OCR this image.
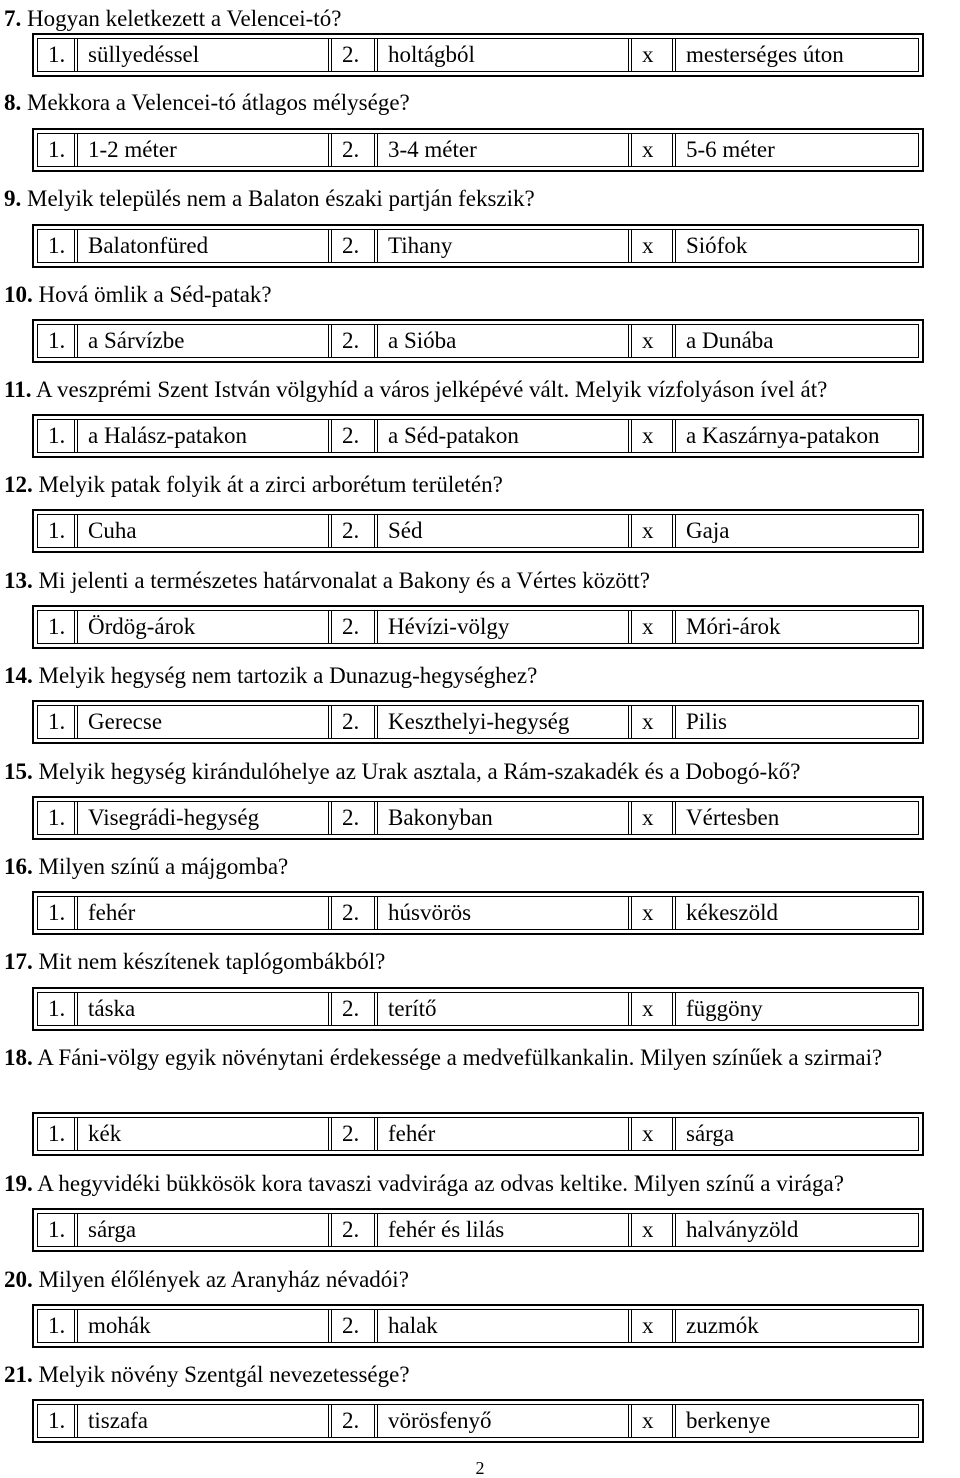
7. Hogyan keletkezett a Velencei-tó?
1. süllyedéssel	2.	holtágból	x	mesterséges úton
8. Mekkora a Velencei-tó átlagos mélysége?
1. 1-2 méter	2.	3-4 méter	x	5-6 méter
9. Melyik település nem a Balaton északi partján fekszik?
1. Balatonfüred	2.	Tihany	x	Siófok
10. Hová ömlik a Séd-patak?
1. a Sárvízbe	2.	a Sióba	x	a Dunába
11. A veszprémi Szent István völgyhíd a város jelképévé vált. Melyik vízfolyáson ível át?
1. a Halász-patakon	2.	a Séd-patakon	x	a Kaszárnya-patakon
12. Melyik patak folyik át a zirci arborétum területén?
1. Cuha	2.	Séd	x	Gaja
13. Mi jelenti a természetes határvonalat a Bakony és a Vértes között?
1. Ördög-árok	2.	Hévízi-völgy	x	Móri-árok
14. Melyik hegység nem tartozik a Dunazug-hegységhez?
1. Gerecse	2.	Keszthelyi-hegység	x	Pilis
15. Melyik hegység kirándulóhelye az Urak asztala, a Rám-szakadék és a Dobogó-kő?
1. Visegrádi-hegység	2.	Bakonyban	x	Vértesben
16. Milyen színű a májgomba?
1. fehér	2.	húsvörös	x	kékeszöld
17. Mit nem készítenek taplógombákból?
1. táska	2.	terítő	x	függöny
18. A Fáni-völgy egyik növénytani érdekessége a medvefülkankalin. Milyen színűek a szirmai?
1. kék	2.	fehér	x	sárga
19. A hegyvidéki bükkösök kora tavaszi vadvirága az odvas keltike. Milyen színű a virága?
1. sárga	2.	fehér és lilás	x	halványzöld
20. Milyen élőlények az Aranyház névadói?
1. mohák	2.	halak	x	zuzmók
21. Melyik növény Szentgál nevezetessége?
1. tiszafa	2.	vörösfenyő	x	berkenye
2
